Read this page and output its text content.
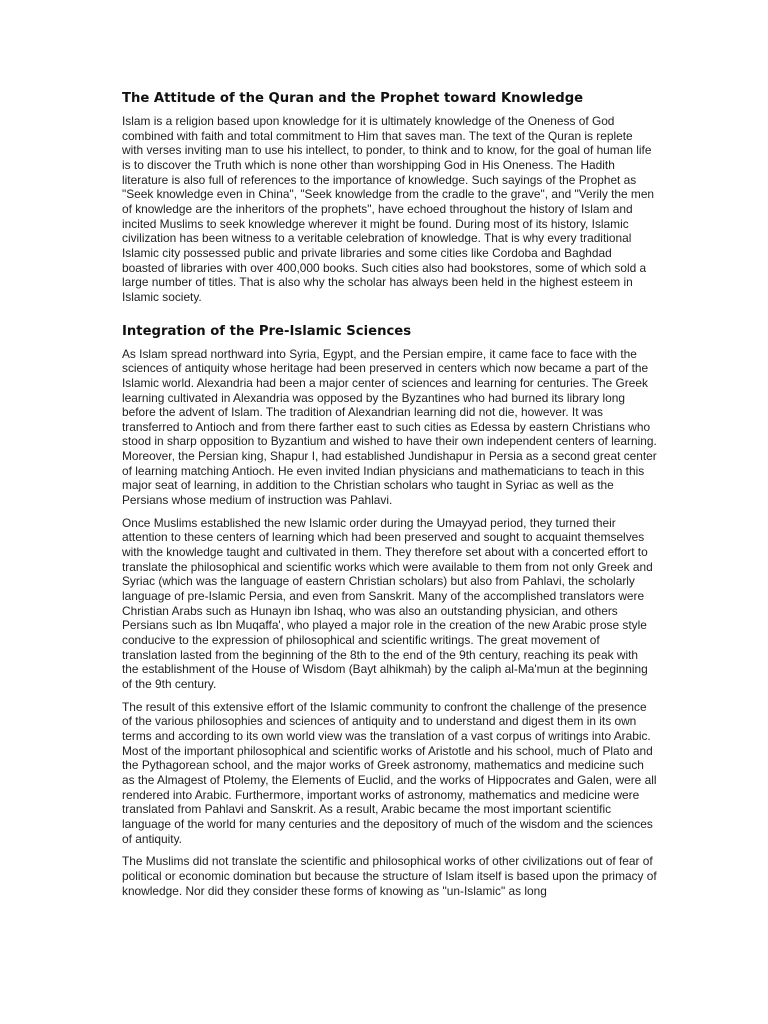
The Attitude of the Quran and the Prophet toward Knowledge

Islam is a religion based upon knowledge for it is ultimately knowledge of the Oneness of God combined with faith and total commitment to Him that saves man. The text of the Quran is replete with verses inviting man to use his intellect, to ponder, to think and to know, for the goal of human life is to discover the Truth which is none other than worshipping God in His Oneness. The Hadith literature is also full of references to the importance of knowledge. Such sayings of the Prophet as "Seek knowledge even in China", "Seek knowledge from the cradle to the grave", and "Verily the men of knowledge are the inheritors of the prophets", have echoed throughout the history of Islam and incited Muslims to seek knowledge wherever it might be found. During most of its history, Islamic civilization has been witness to a veritable celebration of knowledge. That is why every traditional Islamic city possessed public and private libraries and some cities like Cordoba and Baghdad boasted of libraries with over 400,000 books. Such cities also had bookstores, some of which sold a large number of titles. That is also why the scholar has always been held in the highest esteem in Islamic society.

Integration of the Pre-Islamic Sciences

As Islam spread northward into Syria, Egypt, and the Persian empire, it came face to face with the sciences of antiquity whose heritage had been preserved in centers which now became a part of the Islamic world. Alexandria had been a major center of sciences and learning for centuries. The Greek learning cultivated in Alexandria was opposed by the Byzantines who had burned its library long before the advent of Islam. The tradition of Alexandrian learning did not die, however. It was transferred to Antioch and from there farther east to such cities as Edessa by eastern Christians who stood in sharp opposition to Byzantium and wished to have their own independent centers of learning. Moreover, the Persian king, Shapur I, had established Jundishapur in Persia as a second great center of learning matching Antioch. He even invited Indian physicians and mathematicians to teach in this major seat of learning, in addition to the Christian scholars who taught in Syriac as well as the Persians whose medium of instruction was Pahlavi.

Once Muslims established the new Islamic order during the Umayyad period, they turned their attention to these centers of learning which had been preserved and sought to acquaint themselves with the knowledge taught and cultivated in them. They therefore set about with a concerted effort to translate the philosophical and scientific works which were available to them from not only Greek and Syriac (which was the language of eastern Christian scholars) but also from Pahlavi, the scholarly language of pre-Islamic Persia, and even from Sanskrit. Many of the accomplished translators were Christian Arabs such as Hunayn ibn Ishaq, who was also an outstanding physician, and others Persians such as Ibn Muqaffa', who played a major role in the creation of the new Arabic prose style conducive to the expression of philosophical and scientific writings. The great movement of translation lasted from the beginning of the 8th to the end of the 9th century, reaching its peak with the establishment of the House of Wisdom (Bayt alhikmah) by the caliph al-Ma'mun at the beginning of the 9th century.

The result of this extensive effort of the Islamic community to confront the challenge of the presence of the various philosophies and sciences of antiquity and to understand and digest them in its own terms and according to its own world view was the translation of a vast corpus of writings into Arabic. Most of the important philosophical and scientific works of Aristotle and his school, much of Plato and the Pythagorean school, and the major works of Greek astronomy, mathematics and medicine such as the Almagest of Ptolemy, the Elements of Euclid, and the works of Hippocrates and Galen, were all rendered into Arabic. Furthermore, important works of astronomy, mathematics and medicine were translated from Pahlavi and Sanskrit. As a result, Arabic became the most important scientific language of the world for many centuries and the depository of much of the wisdom and the sciences of antiquity.

The Muslims did not translate the scientific and philosophical works of other civilizations out of fear of political or economic domination but because the structure of Islam itself is based upon the primacy of knowledge. Nor did they consider these forms of knowing as "un-Islamic" as long
